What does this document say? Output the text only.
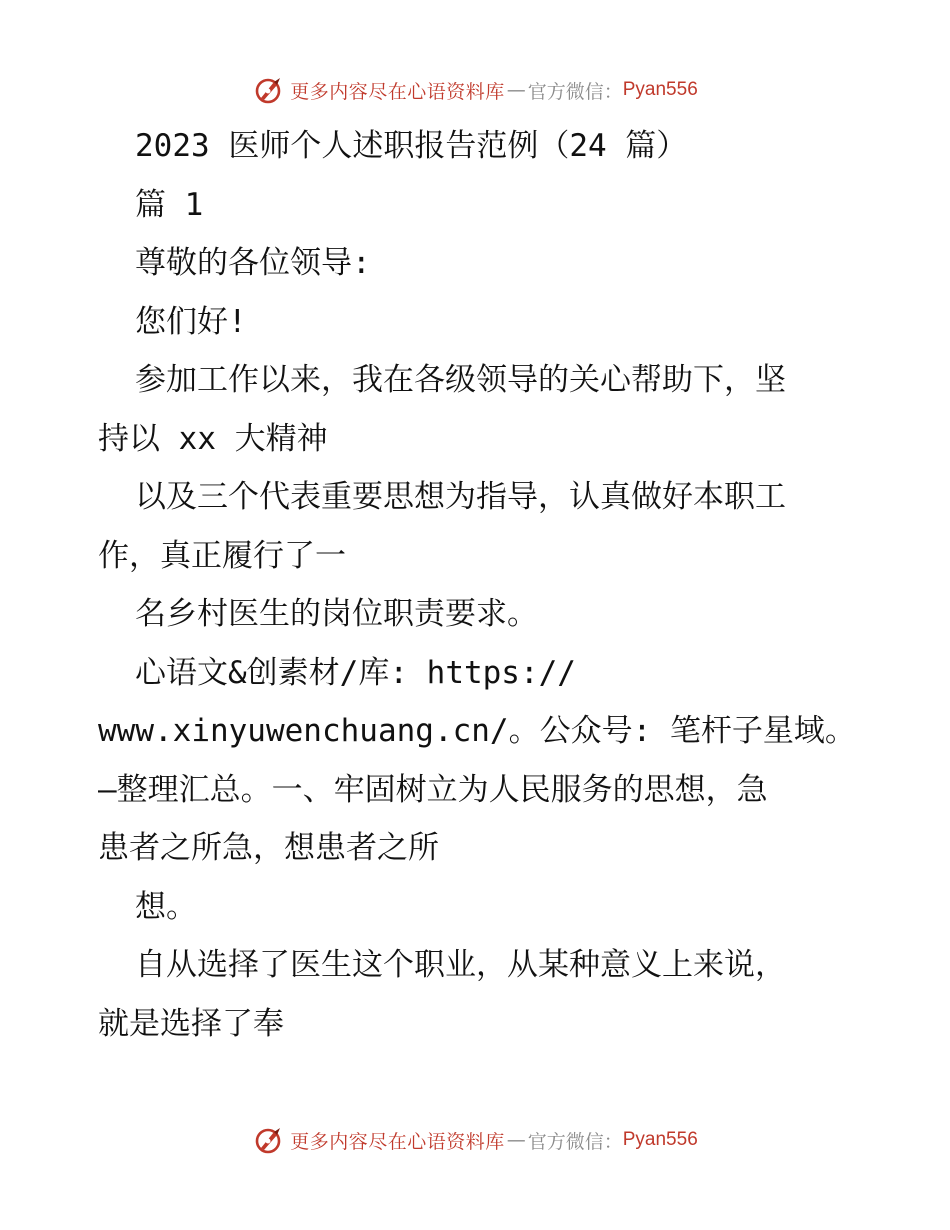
更多内容尽在心语资料库 — 官方微信： Pyan556
2023 医师个人述职报告范例（24 篇）
篇 1
尊敬的各位领导:
您们好!
参加工作以来，我在各级领导的关心帮助下，坚
持以 xx 大精神
以及三个代表重要思想为指导，认真做好本职工
作，真正履行了一
名乡村医生的岗位职责要求。
心语文&创素材/库: https://
www.xinyuwenchuang.cn/。公众号: 笔杆子星域。
—整理汇总。一、牢固树立为人民服务的思想，急
患者之所急，想患者之所
想。
自从选择了医生这个职业，从某种意义上来说，
就是选择了奉
更多内容尽在心语资料库 — 官方微信： Pyan556
